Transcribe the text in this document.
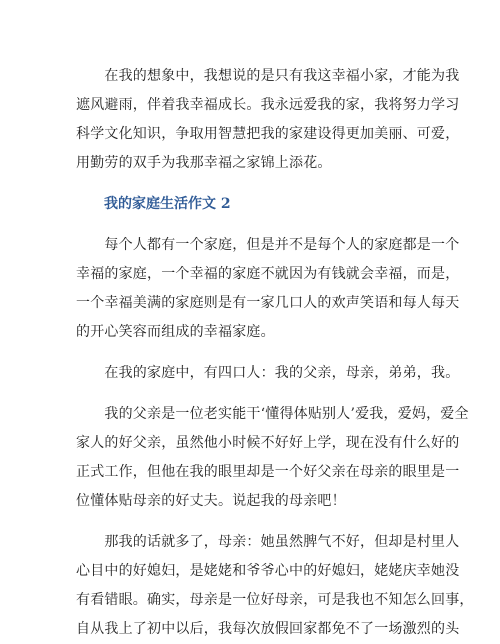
　　在我的想象中，我想说的是只有我这幸福小家，才能为我
遮风避雨，伴着我幸福成长。我永远爱我的家，我将努力学习
科学文化知识，争取用智慧把我的家建设得更加美丽、可爱，
用勤劳的双手为我那幸福之家锦上添花。

　　我的家庭生活作文 2

　　每个人都有一个家庭，但是并不是每个人的家庭都是一个
幸福的家庭，一个幸福的家庭不就因为有钱就会幸福，而是，
一个幸福美满的家庭则是有一家几口人的欢声笑语和每人每天
的开心笑容而组成的幸福家庭。

　　在我的家庭中，有四口人：我的父亲，母亲，弟弟，我。

　　我的父亲是一位老实能干‘懂得体贴别人’爱我，爱妈，爱全
家人的好父亲，虽然他小时候不好好上学，现在没有什么好的
正式工作，但他在我的眼里却是一个好父亲在母亲的眼里是一
位懂体贴母亲的好丈夫。说起我的母亲吧！

　　那我的话就多了，母亲：她虽然脾气不好，但却是村里人
心目中的好媳妇，是姥姥和爷爷心中的好媳妇，姥姥庆幸她没
有看错眼。确实，母亲是一位好母亲，可是我也不知怎么回事，
自从我上了初中以后，我每次放假回家都免不了一场激烈的头
